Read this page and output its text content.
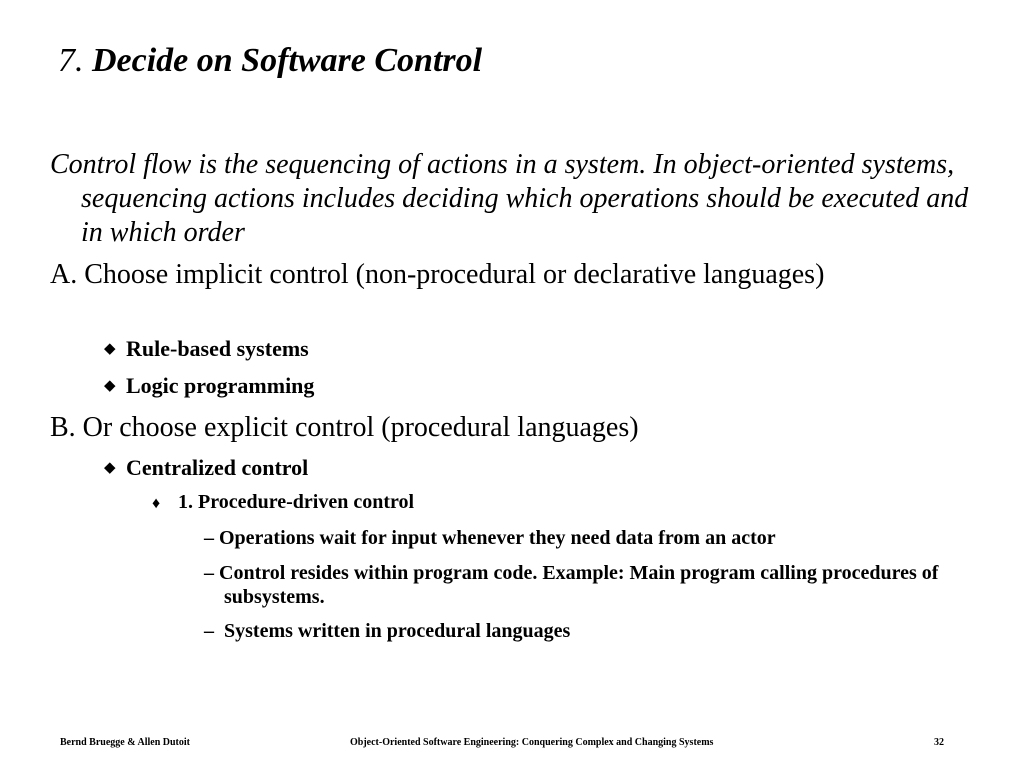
7. Decide on Software Control
Control flow is the sequencing of actions in a system. In object-oriented systems, sequencing actions includes deciding which operations should be executed and in which order
A. Choose implicit control (non-procedural or declarative languages)
◆ Rule-based systems
◆ Logic programming
B. Or choose explicit control (procedural languages)
◆ Centralized control
♦ 1. Procedure-driven control
– Operations wait for input whenever they need data from an actor
– Control resides within program code. Example: Main program calling procedures of subsystems.
–  Systems written in procedural languages
Bernd Bruegge & Allen Dutoit	Object-Oriented Software Engineering: Conquering Complex and Changing Systems	32
